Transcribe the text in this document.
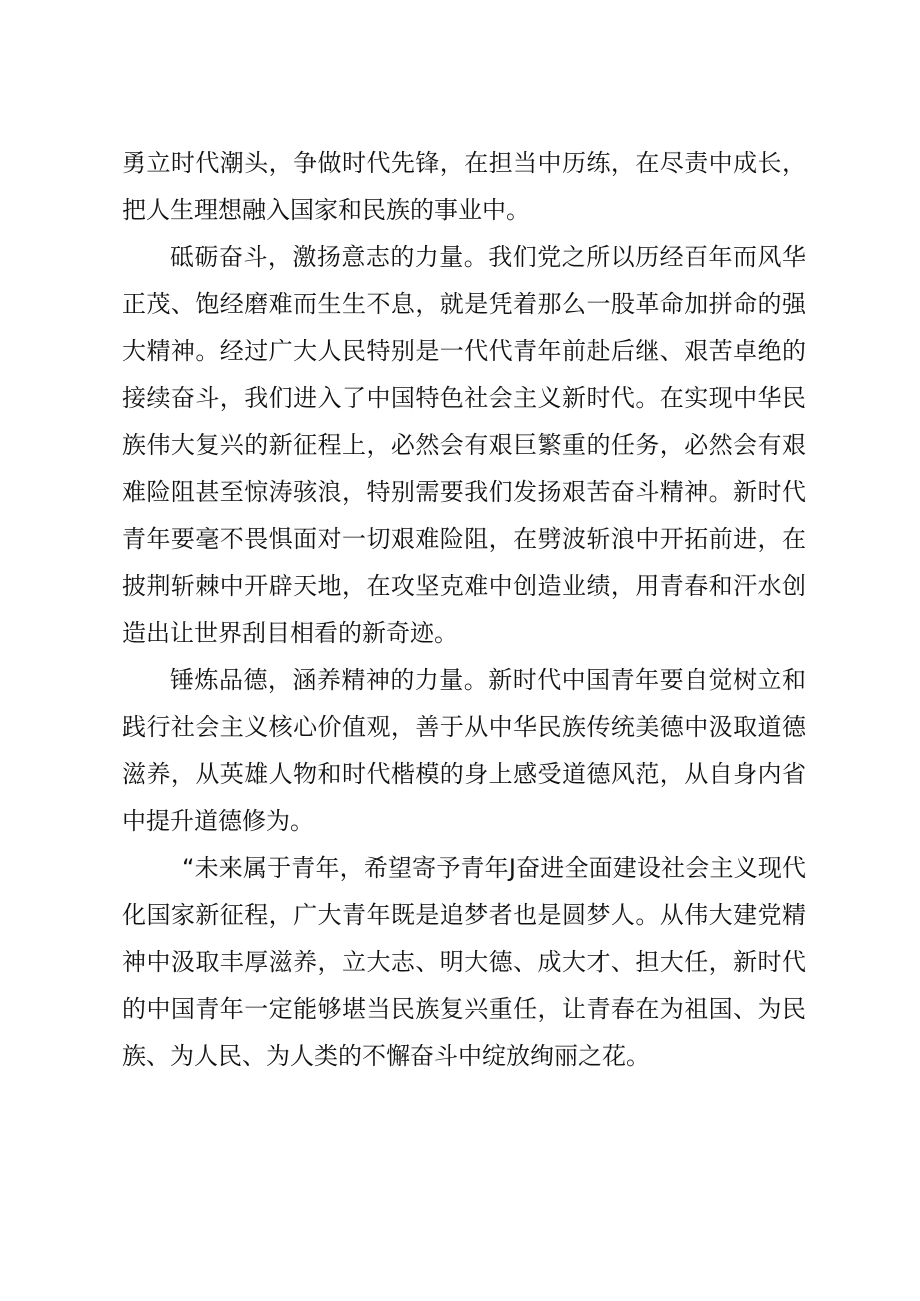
勇立时代潮头，争做时代先锋，在担当中历练，在尽责中成长，把人生理想融入国家和民族的事业中。

砥砺奋斗，激扬意志的力量。我们党之所以历经百年而风华正茂、饱经磨难而生生不息，就是凭着那么一股革命加拼命的强大精神。经过广大人民特别是一代代青年前赴后继、艰苦卓绝的接续奋斗，我们进入了中国特色社会主义新时代。在实现中华民族伟大复兴的新征程上，必然会有艰巨繁重的任务，必然会有艰难险阻甚至惊涛骇浪，特别需要我们发扬艰苦奋斗精神。新时代青年要毫不畏惧面对一切艰难险阻，在劈波斩浪中开拓前进，在披荆斩棘中开辟天地，在攻坚克难中创造业绩，用青春和汗水创造出让世界刮目相看的新奇迹。

锤炼品德，涵养精神的力量。新时代中国青年要自觉树立和践行社会主义核心价值观，善于从中华民族传统美德中汲取道德滋养，从英雄人物和时代楷模的身上感受道德风范，从自身内省中提升道德修为。

“未来属于青年，希望寄予青年J奋进全面建设社会主义现代化国家新征程，广大青年既是追梦者也是圆梦人。从伟大建党精神中汲取丰厚滋养，立大志、明大德、成大才、担大任，新时代的中国青年一定能够堪当民族复兴重任，让青春在为祖国、为民族、为人民、为人类的不懈奋斗中绽放绚丽之花。
